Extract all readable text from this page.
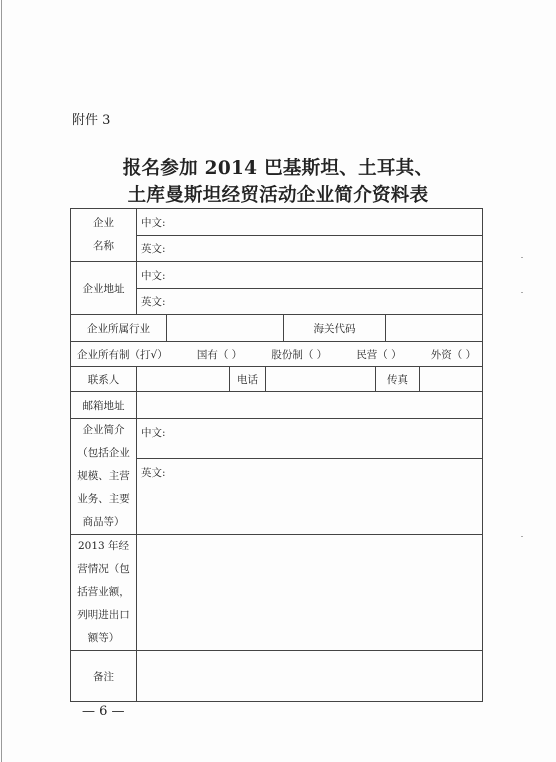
附件 3
报名参加 2014 巴基斯坦、土耳其、
土库曼斯坦经贸活动企业简介资料表
企业
名称	中文:							
	英文:							
企业地址	中文:							
	英文:							
企业所属行业					海关代码			

企业所有制（打√） 国有（ ） 股份制（ ） 民营（ ） 外资（ ）								

联系人			电话			传真		
邮箱地址								
企业简介（包括企业规模、主营业务、主要商品等）	中文:							
	英文:							
2013 年经营情况（包括营业额，列明进出口额等）								
备注								
— 6 —
